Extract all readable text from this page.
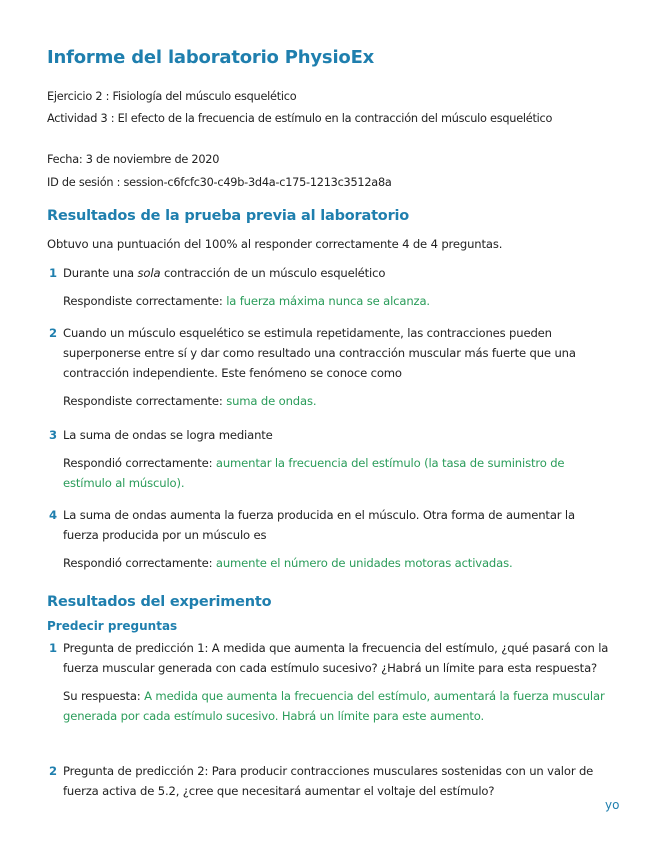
Informe del laboratorio PhysioEx
Ejercicio 2 : Fisiología del músculo esquelético
Actividad 3 : El efecto de la frecuencia de estímulo en la contracción del músculo esquelético
Fecha: 3 de noviembre de 2020
ID de sesión : session-c6fcfc30-c49b-3d4a-c175-1213c3512a8a
Resultados de la prueba previa al laboratorio
Obtuvo una puntuación del 100% al responder correctamente 4 de 4 preguntas.
1 Durante una sola contracción de un músculo esquelético
Respondiste correctamente: la fuerza máxima nunca se alcanza.
2 Cuando un músculo esquelético se estimula repetidamente, las contracciones pueden superponerse entre sí y dar como resultado una contracción muscular más fuerte que una contracción independiente. Este fenómeno se conoce como
Respondiste correctamente: suma de ondas.
3 La suma de ondas se logra mediante
Respondió correctamente: aumentar la frecuencia del estímulo (la tasa de suministro de estímulo al músculo).
4 La suma de ondas aumenta la fuerza producida en el músculo. Otra forma de aumentar la fuerza producida por un músculo es
Respondió correctamente: aumente el número de unidades motoras activadas.
Resultados del experimento
Predecir preguntas
1 Pregunta de predicción 1: A medida que aumenta la frecuencia del estímulo, ¿qué pasará con la fuerza muscular generada con cada estímulo sucesivo? ¿Habrá un límite para esta respuesta?
Su respuesta: A medida que aumenta la frecuencia del estímulo, aumentará la fuerza muscular generada por cada estímulo sucesivo. Habrá un límite para este aumento.
2 Pregunta de predicción 2: Para producir contracciones musculares sostenidas con un valor de fuerza activa de 5.2, ¿cree que necesitará aumentar el voltaje del estímulo?
yo
